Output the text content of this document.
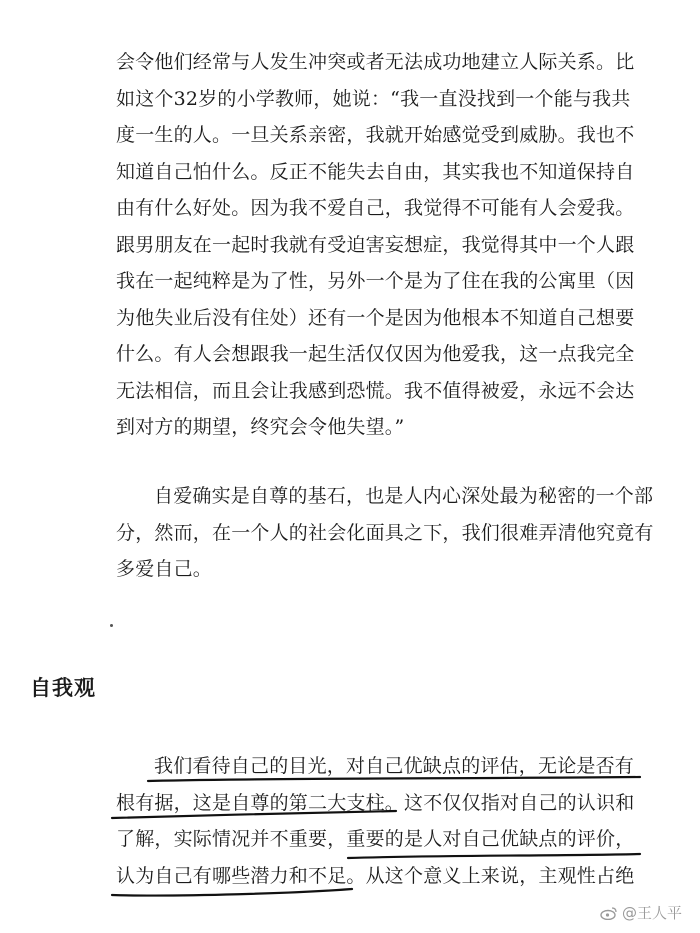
会令他们经常与人发生冲突或者无法成功地建立人际关系。比
如这个32岁的小学教师，她说：“我一直没找到一个能与我共
度一生的人。一旦关系亲密，我就开始感觉受到威胁。我也不
知道自己怕什么。反正不能失去自由，其实我也不知道保持自
由有什么好处。因为我不爱自己，我觉得不可能有人会爱我。
跟男朋友在一起时我就有受迫害妄想症，我觉得其中一个人跟
我在一起纯粹是为了性，另外一个是为了住在我的公寓里（因
为他失业后没有住处）还有一个是因为他根本不知道自己想要
什么。有人会想跟我一起生活仅仅因为他爱我，这一点我完全
无法相信，而且会让我感到恐慌。我不值得被爱，永远不会达
到对方的期望，终究会令他失望。”

自爱确实是自尊的基石，也是人内心深处最为秘密的一个部
分，然而，在一个人的社会化面具之下，我们很难弄清他究竟有
多爱自己。

自我观

我们看待自己的目光，对自己优缺点的评估，无论是否有
根有据，这是自尊的第二大支柱。这不仅仅指对自己的认识和
了解，实际情况并不重要，重要的是人对自己优缺点的评价，
认为自己有哪些潜力和不足。从这个意义上来说，主观性占绝

@王人平
